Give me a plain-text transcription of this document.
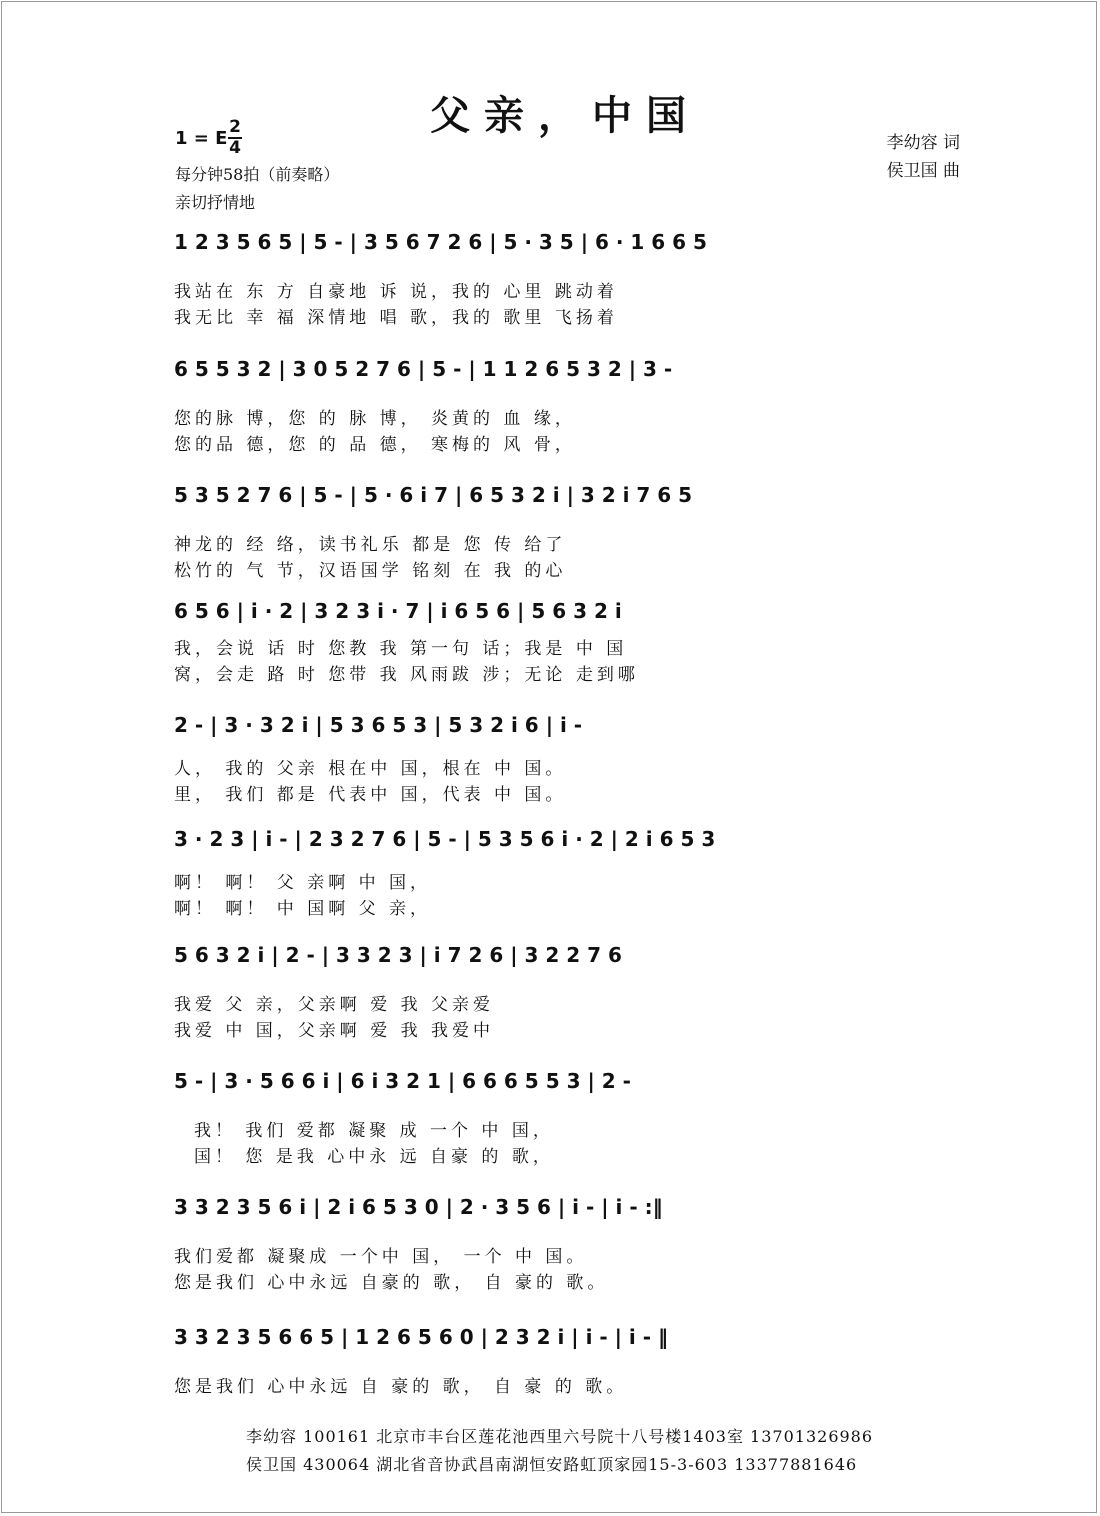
父亲，中国
1 = E
2
4
每分钟58拍（前奏略）
亲切抒情地
李幼容 词
侯卫国 曲
1 2 3 5 6 5 | 5 - | 3 5 6 7 2 6 | 5 · 3 5 | 6 · 1 6 6 5
我站在 东 方 自豪地 诉 说，我的 心里 跳动着
我无比 幸 福 深情地 唱 歌，我的 歌里 飞扬着
6 5 5 3 2 | 3 0 5 2 7 6 | 5 - | 1 1 2 6 5 3 2 | 3 -
您的脉 博，您 的 脉 博， 炎黄的 血 缘，
您的品 德，您 的 品 德， 寒梅的 风 骨，
5 3 5 2 7 6 | 5 - | 5 · 6 i 7 | 6 5 3 2 i | 3 2 i 7 6 5
神龙的 经 络，读书礼乐 都是 您 传 给了
松竹的 气 节，汉语国学 铭刻 在 我 的心
6 5 6 | i · 2 | 3 2 3 i · 7 | i 6 5 6 | 5 6 3 2 i
我，会说 话 时 您教 我 第一句 话；我是 中 国
窝，会走 路 时 您带 我 风雨跋 涉；无论 走到哪
2 - | 3 · 3 2 i | 5 3 6 5 3 | 5 3 2 i 6 | i -
人， 我的 父亲 根在中 国，根在 中 国。
里， 我们 都是 代表中 国，代表 中 国。
3 · 2 3 | i - | 2 3 2 7 6 | 5 - | 5 3 5 6 i · 2 | 2 i 6 5 3
啊！ 啊！ 父 亲啊 中 国，
啊！ 啊！ 中 国啊 父 亲，
5 6 3 2 i | 2 - | 3 3 2 3 | i 7 2 6 | 3 2 2 7 6
我爱 父 亲，父亲啊 爱 我 父亲爱
我爱 中 国，父亲啊 爱 我 我爱中
5 - | 3 · 5 6 6 i | 6 i 3 2 1 | 6 6 6 5 5 3 | 2 -
我！ 我们 爱都 凝聚 成 一个 中 国，
国！ 您 是我 心中永 远 自豪 的 歌，
3 3 2 3 5 6 i | 2 i 6 5 3 0 | 2 · 3 5 6 | i - | i - :‖
我们爱都 凝聚成 一个中 国， 一个 中 国。
您是我们 心中永远 自豪的 歌， 自 豪的 歌。
3 3 2 3 5 6 6 5 | 1 2 6 5 6 0 | 2 3 2 i | i - | i - ‖
您是我们 心中永远 自 豪的 歌， 自 豪 的 歌。
李幼容 100161 北京市丰台区莲花池西里六号院十八号楼1403室 13701326986
侯卫国 430064 湖北省音协武昌南湖恒安路虹顶家园15-3-603 13377881646
